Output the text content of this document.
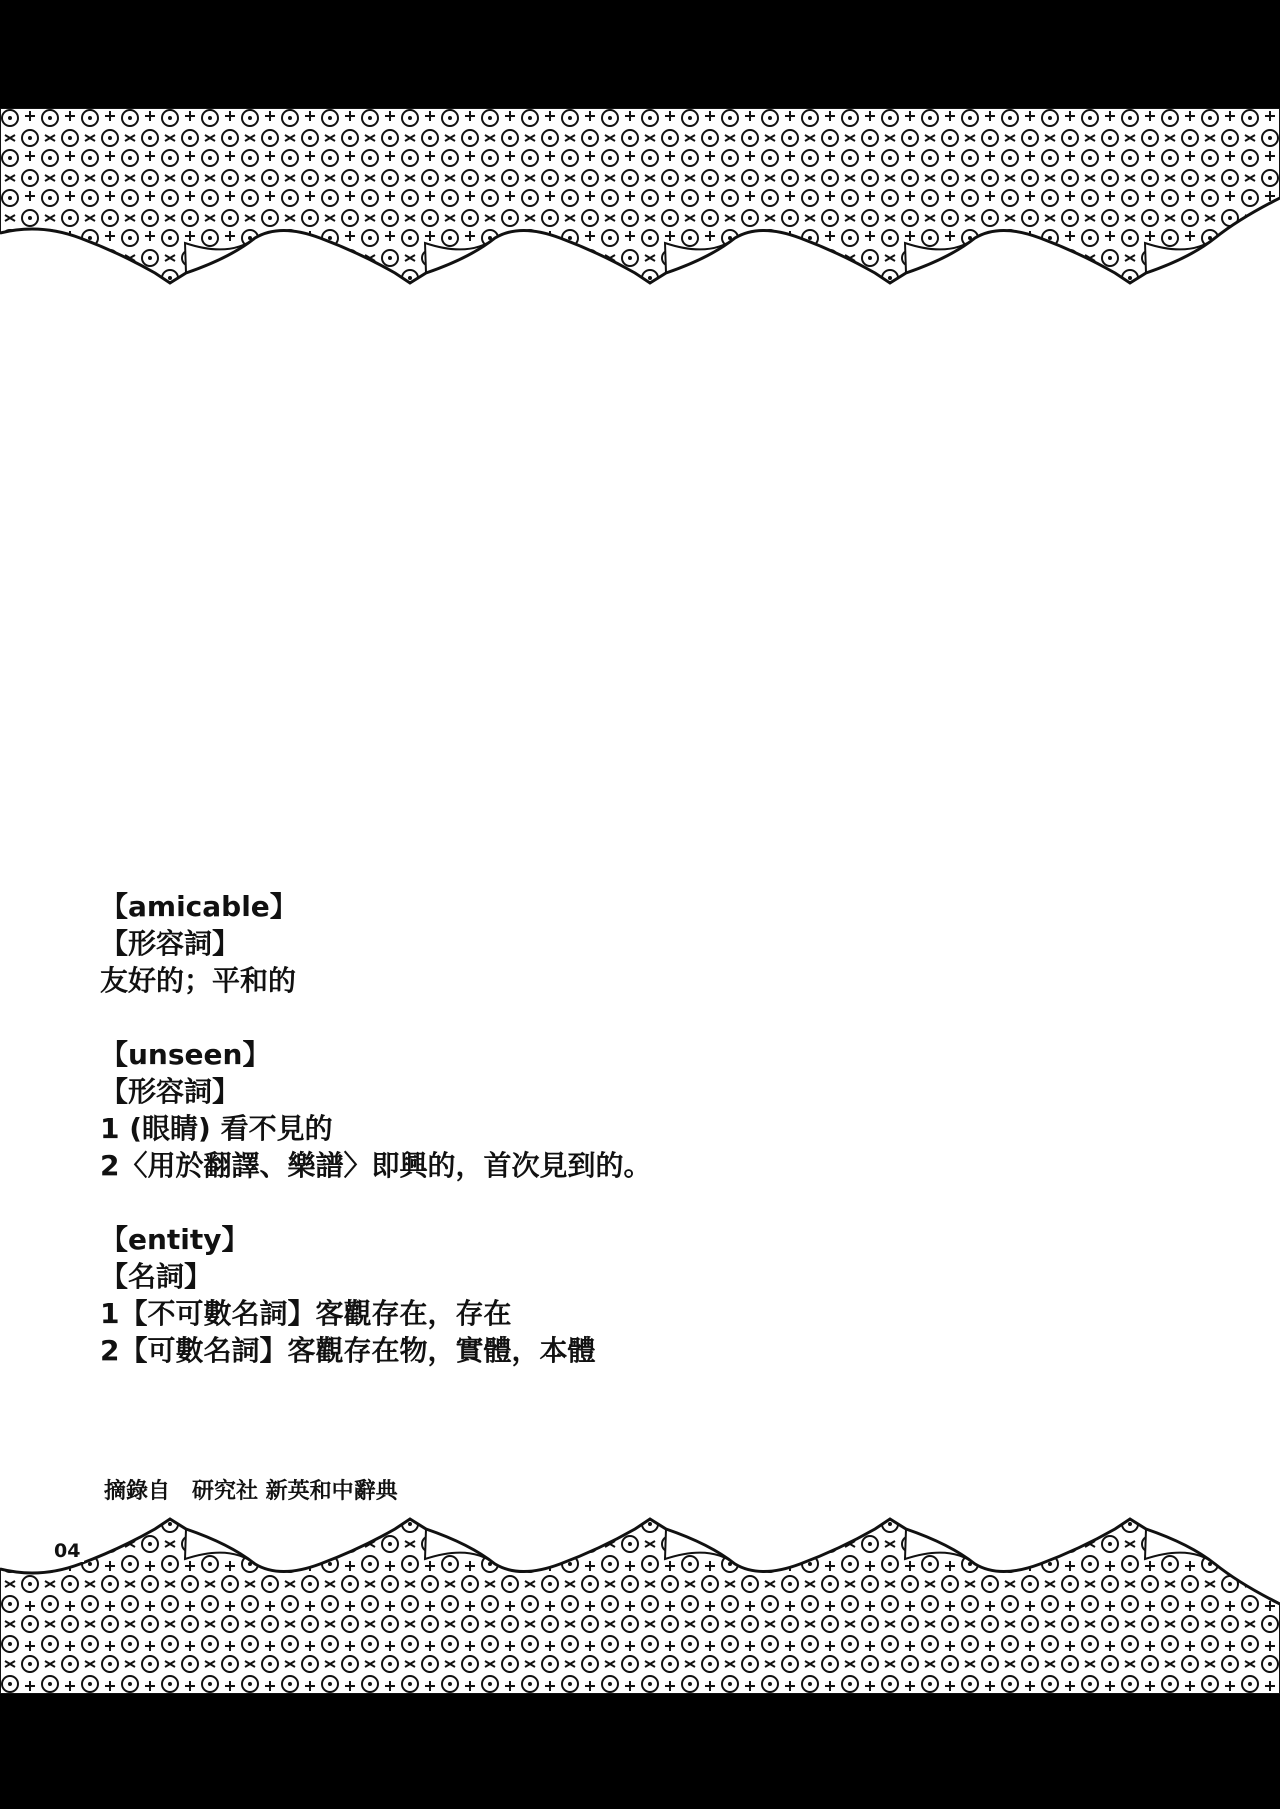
【amicable】

【形容詞】

友好的；平和的

【unseen】

【形容詞】

1 (眼睛) 看不見的

2〈用於翻譯、樂譜〉即興的，首次見到的。

【entity】

【名詞】

1【不可數名詞】客觀存在，存在

2【可數名詞】客觀存在物，實體，本體

摘錄自　研究社 新英和中辭典
04
